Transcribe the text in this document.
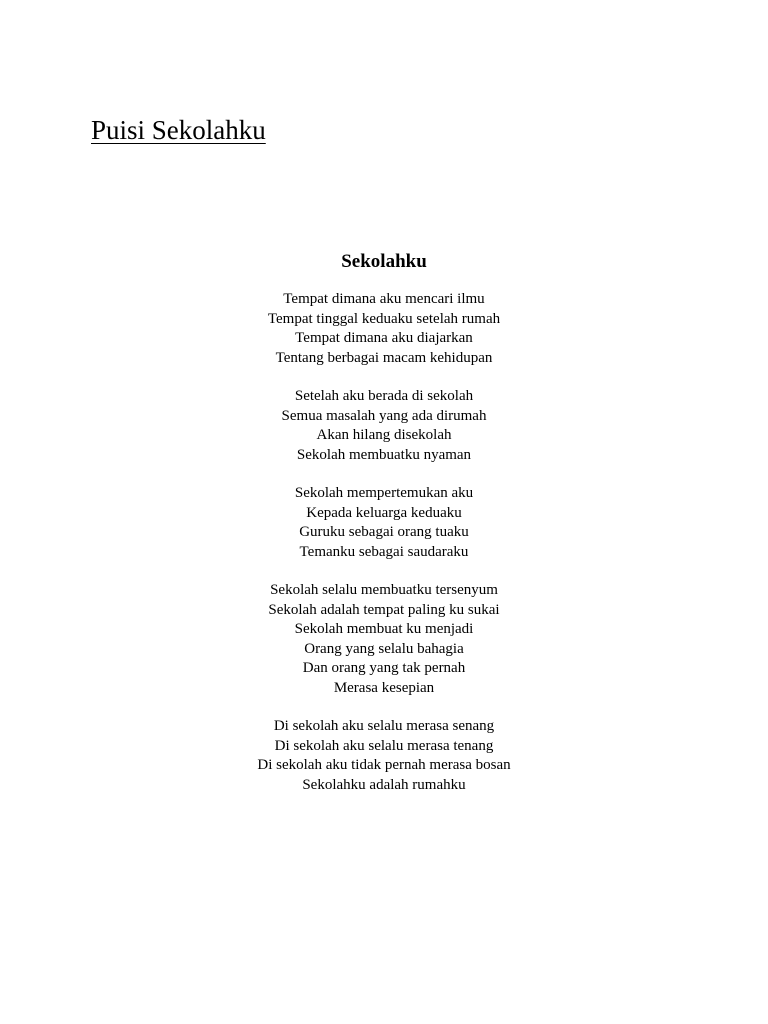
Puisi Sekolahku
Sekolahku
Tempat dimana aku mencari ilmu
Tempat tinggal keduaku setelah rumah
Tempat dimana aku diajarkan
Tentang berbagai macam kehidupan
Setelah aku berada di sekolah
Semua masalah yang ada dirumah
Akan hilang disekolah
Sekolah membuatku nyaman
Sekolah mempertemukan aku
Kepada keluarga keduaku
Guruku sebagai orang tuaku
Temanku sebagai saudaraku
Sekolah selalu membuatku tersenyum
Sekolah adalah tempat paling ku sukai
Sekolah membuat ku menjadi
Orang yang selalu bahagia
Dan orang yang tak pernah
Merasa kesepian
Di sekolah aku selalu merasa senang
Di sekolah aku selalu merasa tenang
Di sekolah aku tidak pernah merasa bosan
Sekolahku adalah rumahku
